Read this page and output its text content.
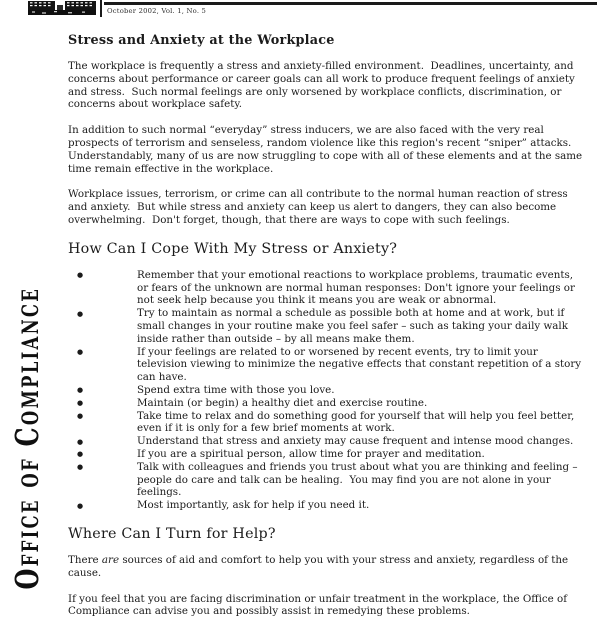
October 2002, Vol. 1, No. 5
Office of Compliance
Stress and Anxiety at the Workplace

The workplace is frequently a stress and anxiety-filled environment.  Deadlines, uncertainty, and concerns about performance or career goals can all work to produce frequent feelings of anxiety and stress.  Such normal feelings are only worsened by workplace conflicts, discrimination, or concerns about workplace safety.

In addition to such normal “everyday” stress inducers, we are also faced with the very real prospects of terrorism and senseless, random violence like this region's recent “sniper” attacks.  Understandably, many of us are now struggling to cope with all of these elements and at the same time remain effective in the workplace.

Workplace issues, terrorism, or crime can all contribute to the normal human reaction of stress and anxiety.  But while stress and anxiety can keep us alert to dangers, they can also become overwhelming.  Don't forget, though, that there are ways to cope with such feelings.

How Can I Cope With My Stress or Anxiety?
●	Remember that your emotional reactions to workplace problems, traumatic events, or fears of the unknown are normal human responses: Don't ignore your feelings or not seek help because you think it means you are weak or abnormal.
●	Try to maintain as normal a schedule as possible both at home and at work, but if small changes in your routine make you feel safer – such as taking your daily walk inside rather than outside – by all means make them.
●	If your feelings are related to or worsened by recent events, try to limit your television viewing to minimize the negative effects that constant repetition of a story can have.
●	Spend extra time with those you love.
●	Maintain (or begin) a healthy diet and exercise routine.
●	Take time to relax and do something good for yourself that will help you feel better, even if it is only for a few brief moments at work.
●	Understand that stress and anxiety may cause frequent and intense mood changes.
●	If you are a spiritual person, allow time for prayer and meditation.
●	Talk with colleagues and friends you trust about what you are thinking and feeling – people do care and talk can be healing.  You may find you are not alone in your feelings.
●	Most importantly, ask for help if you need it.
Where Can I Turn for Help?

There are sources of aid and comfort to help you with your stress and anxiety, regardless of the cause.

If you feel that you are facing discrimination or unfair treatment in the workplace, the Office of Compliance can advise you and possibly assist in remedying these problems.
